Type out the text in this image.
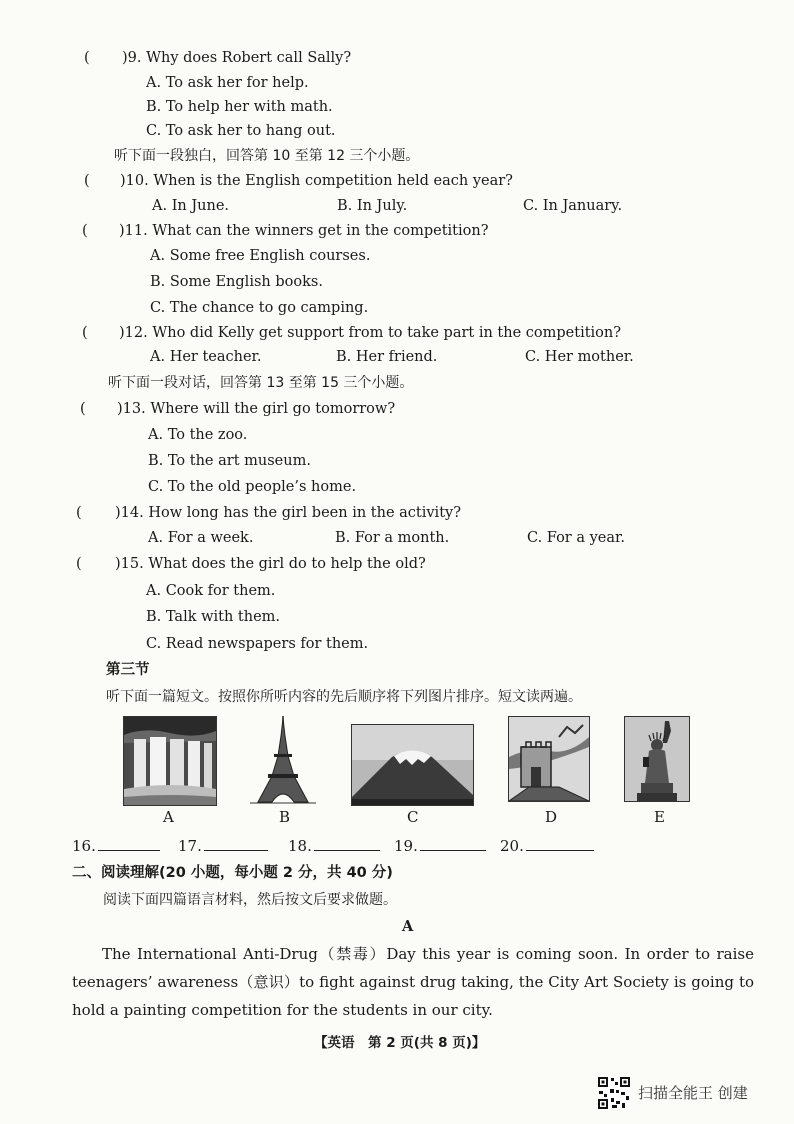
( )9. Why does Robert call Sally?
A. To ask her for help.
B. To help her with math.
C. To ask her to hang out.
听下面一段独白，回答第 10 至第 12 三个小题。
( )10. When is the English competition held each year?
A. In June.	B. In July.	C. In January.
( )11. What can the winners get in the competition?
A. Some free English courses.
B. Some English books.
C. The chance to go camping.
( )12. Who did Kelly get support from to take part in the competition?
A. Her teacher.	B. Her friend.	C. Her mother.
听下面一段对话，回答第 13 至第 15 三个小题。
( )13. Where will the girl go tomorrow?
A. To the zoo.
B. To the art museum.
C. To the old people’s home.
( )14. How long has the girl been in the activity?
A. For a week.	B. For a month.	C. For a year.
( )15. What does the girl do to help the old?
A. Cook for them.
B. Talk with them.
C. Read newspapers for them.
第三节
听下面一篇短文。按照你所听内容的先后顺序将下列图片排序。短文读两遍。
A	B	C	D	E
16.	17.	18.	19.	20.
二、阅读理解(20 小题，每小题 2 分，共 40 分)
阅读下面四篇语言材料，然后按文后要求做题。
A
The International Anti-Drug（禁毒）Day this year is coming soon. In order to raise teenagers’ awareness（意识）to fight against drug taking, the City Art Society is going to hold a painting competition for the students in our city.
【英语　第 2 页(共 8 页)】
扫描全能王 创建
